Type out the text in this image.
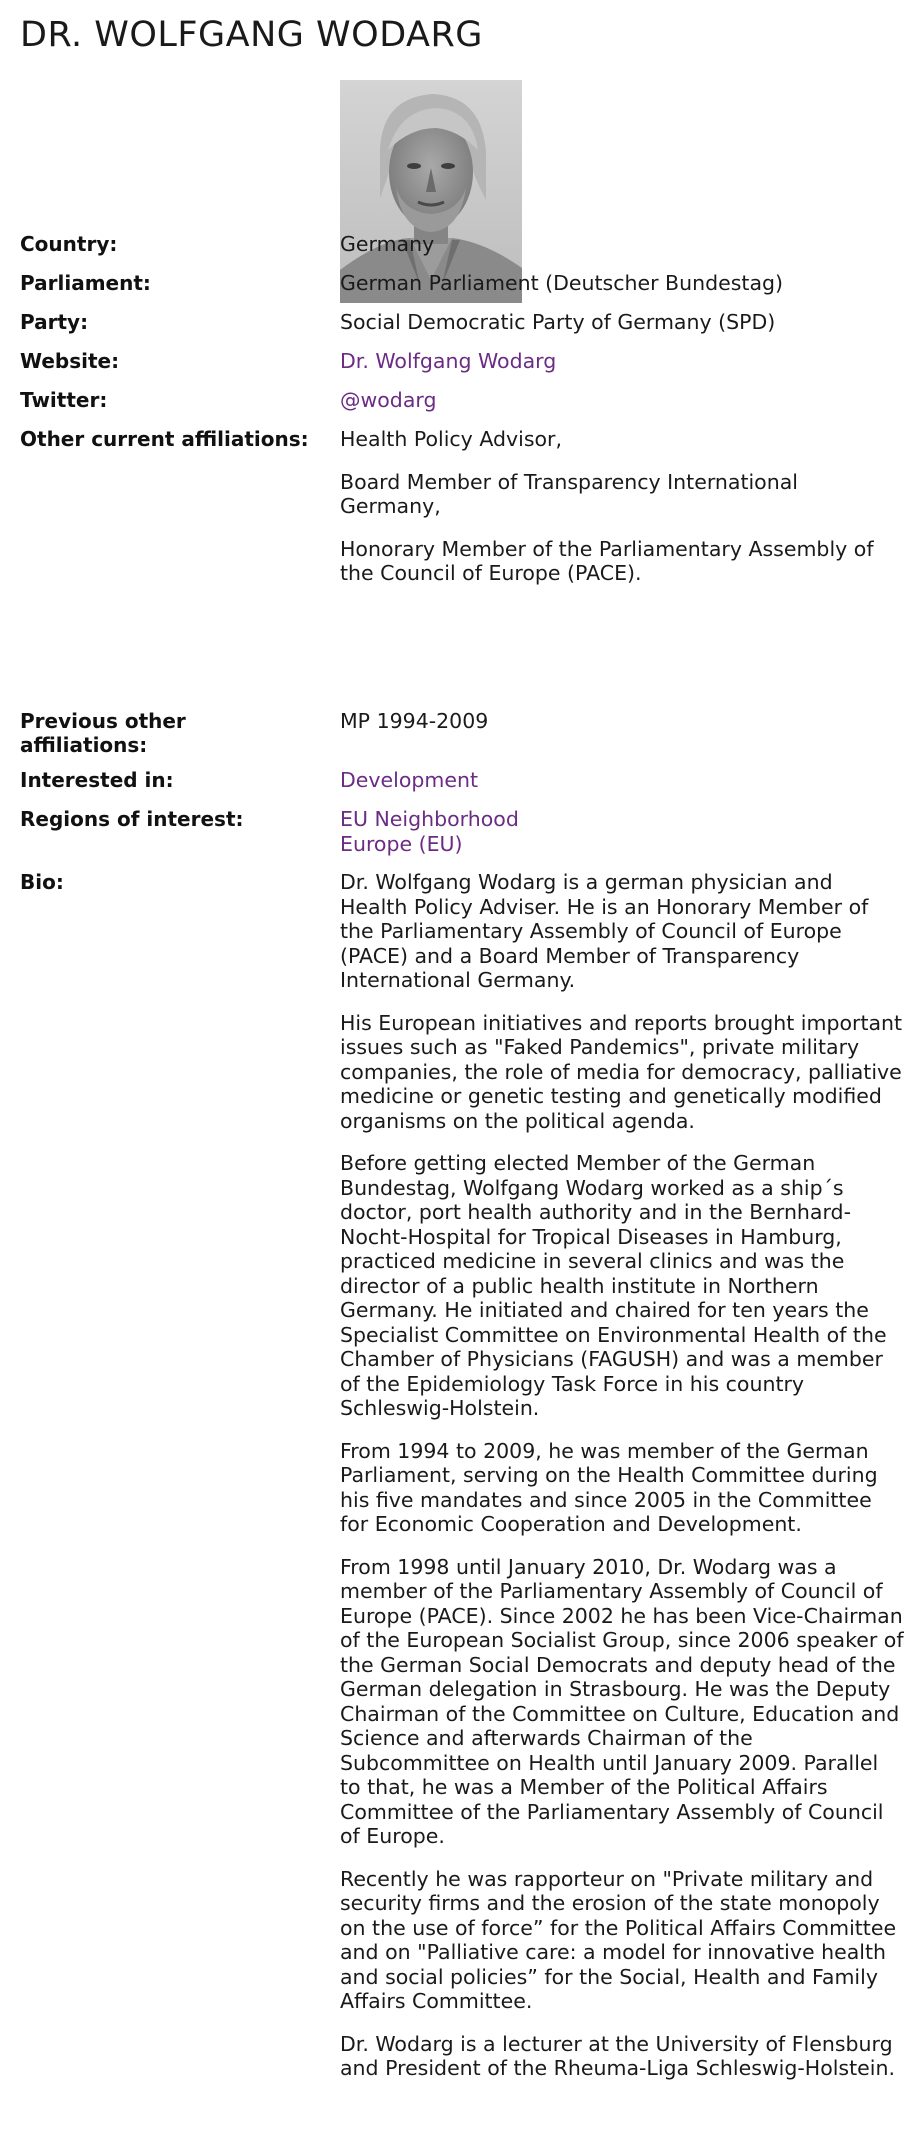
DR. WOLFGANG WODARG
Country:	Germany
Parliament:	German Parliament (Deutscher Bundestag)
Party:	Social Democratic Party of Germany (SPD)
Website:	Dr. Wolfgang Wodarg
Twitter:	@wodarg
Other current affiliations:	Health Policy Advisor,

Board Member of Transparency International Germany,

Honorary Member of the Parliamentary Assembly of the Council of Europe (PACE).

Previous other affiliations:
MP 1994-2009
Interested in:	Development
Regions of interest:	EU Neighborhood
Europe (EU)
Bio:	Dr. Wolfgang Wodarg is a german physician and Health Policy Adviser. He is an Honorary Member of the Parliamentary Assembly of Council of Europe (PACE) and a Board Member of Transparency International Germany.

His European initiatives and reports brought important issues such as "Faked Pandemics", private military companies, the role of media for democracy, palliative medicine or genetic testing and genetically modified organisms on the political agenda.

Before getting elected Member of the German Bundestag, Wolfgang Wodarg worked as a ship´s doctor, port health authority and in the Bernhard-Nocht-Hospital for Tropical Diseases in Hamburg, practiced medicine in several clinics and was the director of a public health institute in Northern Germany. He initiated and chaired for ten years the Specialist Committee on Environmental Health of the Chamber of Physicians (FAGUSH) and was a member of the Epidemiology Task Force in his country Schleswig-Holstein.

From 1994 to 2009, he was member of the German Parliament, serving on the Health Committee during his five mandates and since 2005 in the Committee for Economic Cooperation and Development.

From 1998 until January 2010, Dr. Wodarg was a member of the Parliamentary Assembly of Council of Europe (PACE). Since 2002 he has been Vice-Chairman of the European Socialist Group, since 2006 speaker of the German Social Democrats and deputy head of the German delegation in Strasbourg. He was the Deputy Chairman of the Committee on Culture, Education and Science and afterwards Chairman of the Subcommittee on Health until January 2009. Parallel to that, he was a Member of the Political Affairs Committee of the Parliamentary Assembly of Council of Europe.

Recently he was rapporteur on "Private military and security firms and the erosion of the state monopoly on the use of force” for the Political Affairs Committee and on "Palliative care: a model for innovative health and social policies” for the Social, Health and Family Affairs Committee.

Dr. Wodarg is a lecturer at the University of Flensburg and President of the Rheuma-Liga Schleswig-Holstein.
